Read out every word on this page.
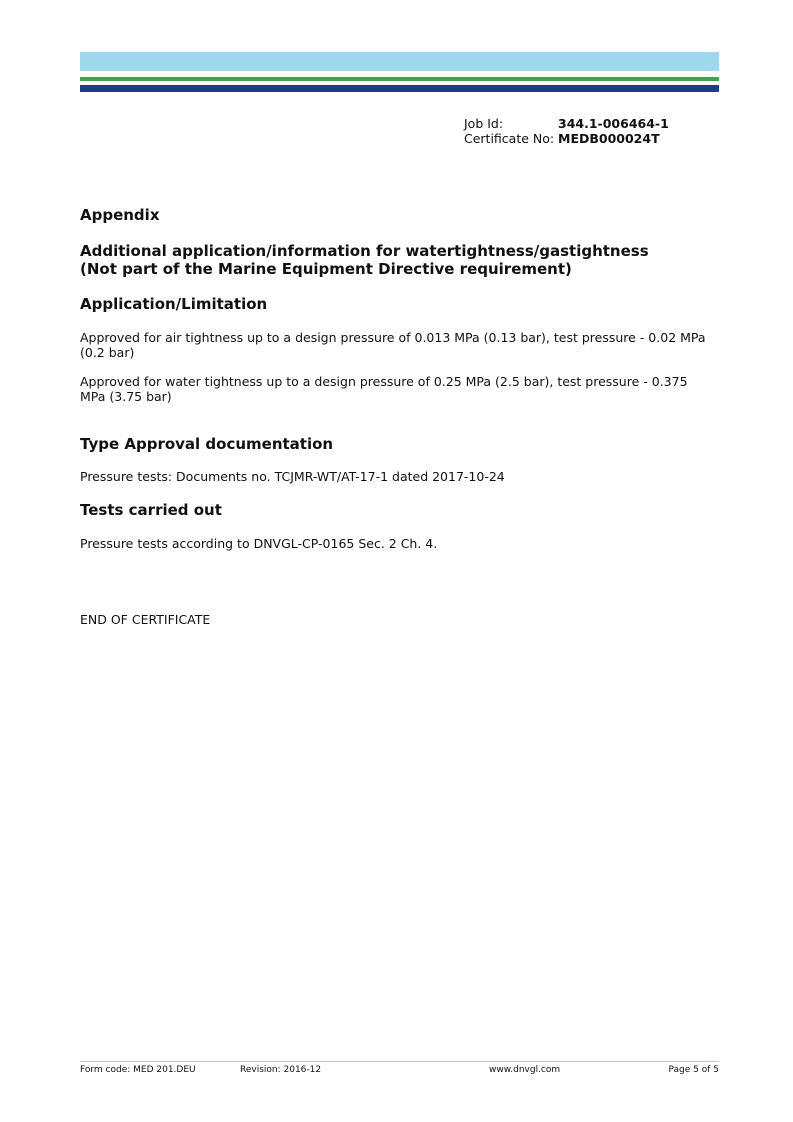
Job Id:	344.1-006464-1
Certificate No: MEDB000024T
Appendix
Additional application/information for watertightness/gastightness
(Not part of the Marine Equipment Directive requirement)
Application/Limitation

Approved for air tightness up to a design pressure of 0.013 MPa (0.13 bar), test pressure - 0.02 MPa (0.2 bar)

Approved for water tightness up to a design pressure of 0.25 MPa (2.5 bar), test pressure - 0.375 MPa (3.75 bar)

Type Approval documentation

Pressure tests: Documents no. TCJMR-WT/AT-17-1 dated 2017-10-24

Tests carried out

Pressure tests according to DNVGL-CP-0165 Sec. 2 Ch. 4.

END OF CERTIFICATE

Form code: MED 201.DEU	Revision: 2016-12	www.dnvgl.com	Page 5 of 5
